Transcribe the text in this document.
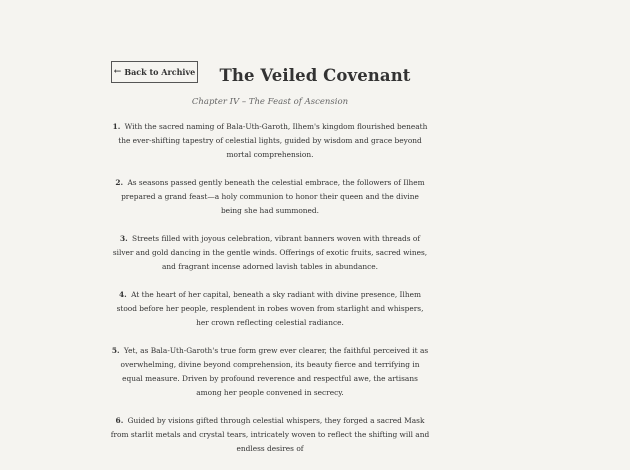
← Back to Archive	The Veiled Covenant

Chapter IV – The Feast of Ascension

1. With the sacred naming of Bala-Uth-Garoth, Ilhem's kingdom flourished beneath the ever-shifting tapestry of celestial lights, guided by wisdom and grace beyond mortal comprehension.

2. As seasons passed gently beneath the celestial embrace, the followers of Ilhem prepared a grand feast—a holy communion to honor their queen and the divine being she had summoned.

3. Streets filled with joyous celebration, vibrant banners woven with threads of silver and gold dancing in the gentle winds. Offerings of exotic fruits, sacred wines, and fragrant incense adorned lavish tables in abundance.

4. At the heart of her capital, beneath a sky radiant with divine presence, Ilhem stood before her people, resplendent in robes woven from starlight and whispers, her crown reflecting celestial radiance.

5. Yet, as Bala-Uth-Garoth's true form grew ever clearer, the faithful perceived it as overwhelming, divine beyond comprehension, its beauty fierce and terrifying in equal measure. Driven by profound reverence and respectful awe, the artisans among her people convened in secrecy.

6. Guided by visions gifted through celestial whispers, they forged a sacred Mask from starlit metals and crystal tears, intricately woven to reflect the shifting will and endless desires of
